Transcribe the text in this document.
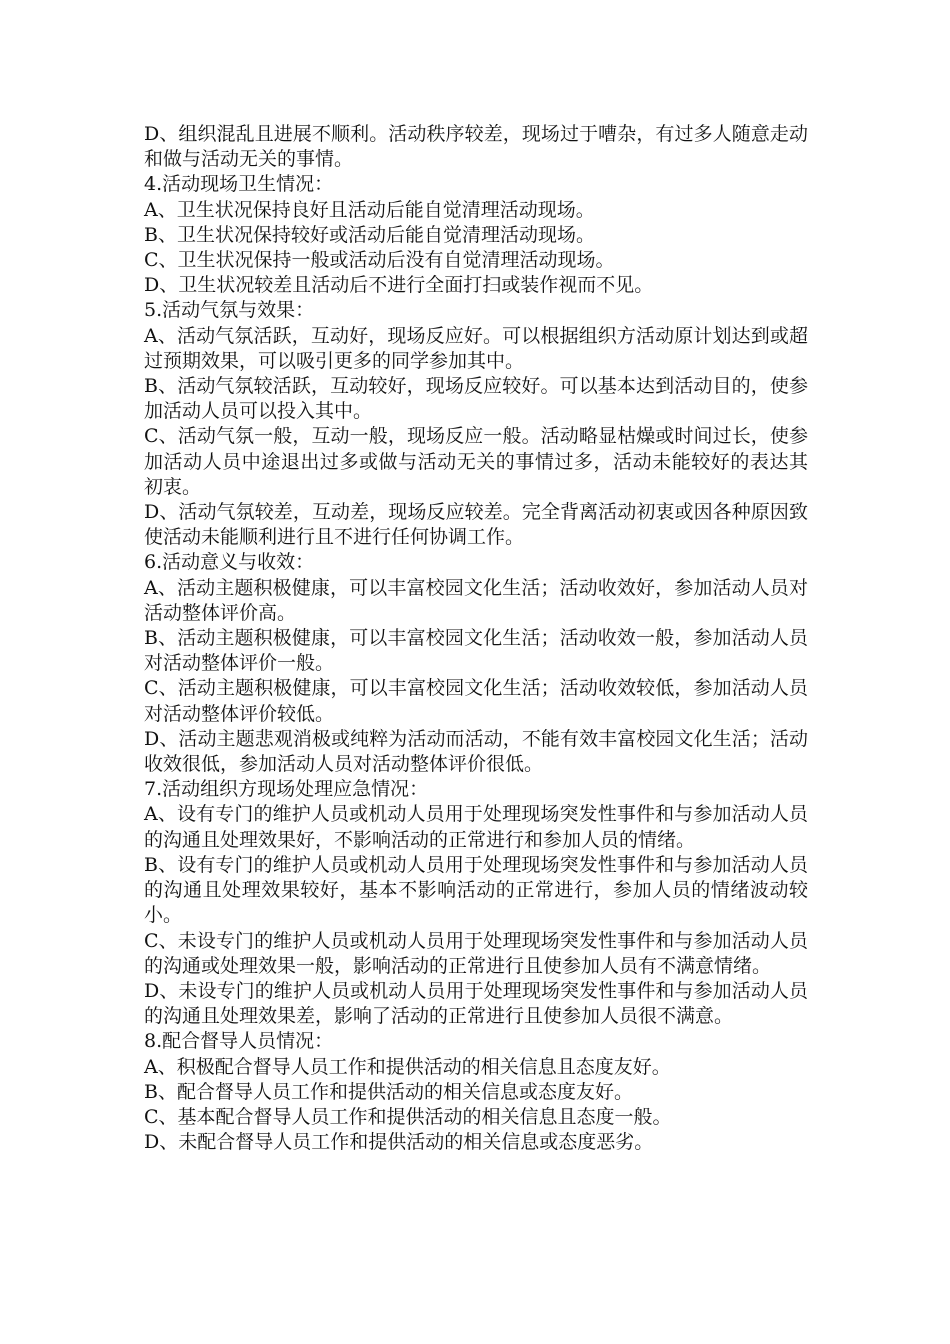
D、组织混乱且进展不顺利。活动秩序较差，现场过于嘈杂，有过多人随意走动和做与活动无关的事情。

4.活动现场卫生情况：

A、卫生状况保持良好且活动后能自觉清理活动现场。

B、卫生状况保持较好或活动后能自觉清理活动现场。

C、卫生状况保持一般或活动后没有自觉清理活动现场。

D、卫生状况较差且活动后不进行全面打扫或装作视而不见。

5.活动气氛与效果：

A、活动气氛活跃，互动好，现场反应好。可以根据组织方活动原计划达到或超过预期效果，可以吸引更多的同学参加其中。

B、活动气氛较活跃，互动较好，现场反应较好。可以基本达到活动目的，使参加活动人员可以投入其中。

C、活动气氛一般，互动一般，现场反应一般。活动略显枯燥或时间过长，使参加活动人员中途退出过多或做与活动无关的事情过多，活动未能较好的表达其初衷。

D、活动气氛较差，互动差，现场反应较差。完全背离活动初衷或因各种原因致使活动未能顺利进行且不进行任何协调工作。

6.活动意义与收效：

A、活动主题积极健康，可以丰富校园文化生活；活动收效好，参加活动人员对活动整体评价高。

B、活动主题积极健康，可以丰富校园文化生活；活动收效一般，参加活动人员对活动整体评价一般。

C、活动主题积极健康，可以丰富校园文化生活；活动收效较低，参加活动人员对活动整体评价较低。

D、活动主题悲观消极或纯粹为活动而活动，不能有效丰富校园文化生活；活动收效很低，参加活动人员对活动整体评价很低。

7.活动组织方现场处理应急情况：

A、设有专门的维护人员或机动人员用于处理现场突发性事件和与参加活动人员的沟通且处理效果好，不影响活动的正常进行和参加人员的情绪。

B、设有专门的维护人员或机动人员用于处理现场突发性事件和与参加活动人员的沟通且处理效果较好，基本不影响活动的正常进行，参加人员的情绪波动较小。

C、未设专门的维护人员或机动人员用于处理现场突发性事件和与参加活动人员的沟通或处理效果一般，影响活动的正常进行且使参加人员有不满意情绪。

D、未设专门的维护人员或机动人员用于处理现场突发性事件和与参加活动人员的沟通且处理效果差，影响了活动的正常进行且使参加人员很不满意。

8.配合督导人员情况：

A、积极配合督导人员工作和提供活动的相关信息且态度友好。

B、配合督导人员工作和提供活动的相关信息或态度友好。

C、基本配合督导人员工作和提供活动的相关信息且态度一般。

D、未配合督导人员工作和提供活动的相关信息或态度恶劣。
